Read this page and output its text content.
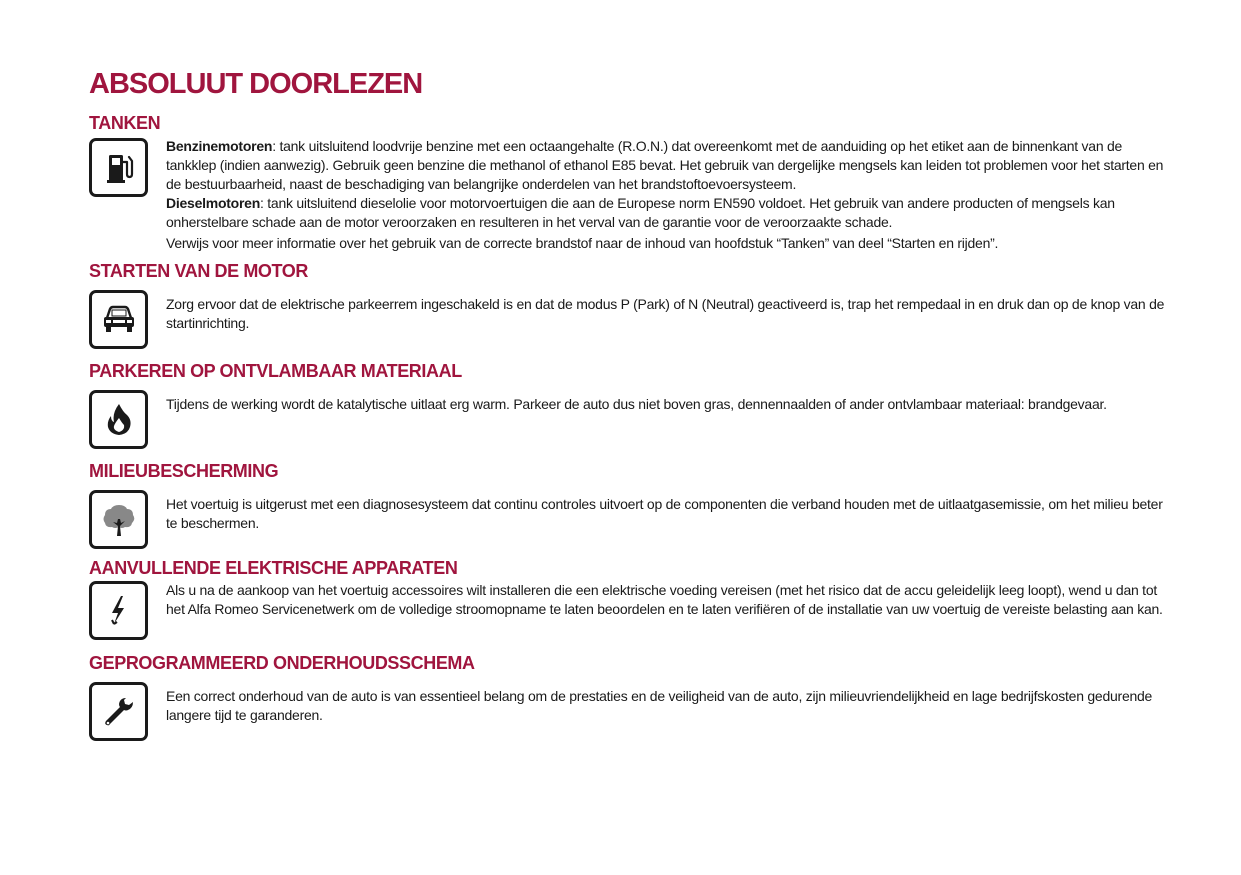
ABSOLUUT DOORLEZEN
TANKEN

Benzinemotoren: tank uitsluitend loodvrije benzine met een octaangehalte (R.O.N.) dat overeenkomt met de aanduiding op het etiket aan de binnenkant van de tankklep (indien aanwezig). Gebruik geen benzine die methanol of ethanol E85 bevat. Het gebruik van dergelijke mengsels kan leiden tot problemen voor het starten en de bestuurbaarheid, naast de beschadiging van belangrijke onderdelen van het brandstoftoevoersysteem.

Dieselmotoren: tank uitsluitend dieselolie voor motorvoertuigen die aan de Europese norm EN590 voldoet. Het gebruik van andere producten of mengsels kan onherstelbare schade aan de motor veroorzaken en resulteren in het verval van de garantie voor de veroorzaakte schade.

Verwijs voor meer informatie over het gebruik van de correcte brandstof naar de inhoud van hoofdstuk “Tanken” van deel “Starten en rijden”.

STARTEN VAN DE MOTOR
Zorg ervoor dat de elektrische parkeerrem ingeschakeld is en dat de modus P (Park) of N (Neutral) geactiveerd is, trap het rempedaal in en druk dan op de knop van de startinrichting.
PARKEREN OP ONTVLAMBAAR MATERIAAL
Tijdens de werking wordt de katalytische uitlaat erg warm. Parkeer de auto dus niet boven gras, dennennaalden of ander ontvlambaar materiaal: brandgevaar.
MILIEUBESCHERMING
Het voertuig is uitgerust met een diagnosesysteem dat continu controles uitvoert op de componenten die verband houden met de uitlaatgasemissie, om het milieu beter te beschermen.
AANVULLENDE ELEKTRISCHE APPARATEN
Als u na de aankoop van het voertuig accessoires wilt installeren die een elektrische voeding vereisen (met het risico dat de accu geleidelijk leeg loopt), wend u dan tot het Alfa Romeo Servicenetwerk om de volledige stroomopname te laten beoordelen en te laten verifiëren of de installatie van uw voertuig de vereiste belasting aan kan.
GEPROGRAMMEERD ONDERHOUDSSCHEMA
Een correct onderhoud van de auto is van essentieel belang om de prestaties en de veiligheid van de auto, zijn milieuvriendelijkheid en lage bedrijfskosten gedurende langere tijd te garanderen.
